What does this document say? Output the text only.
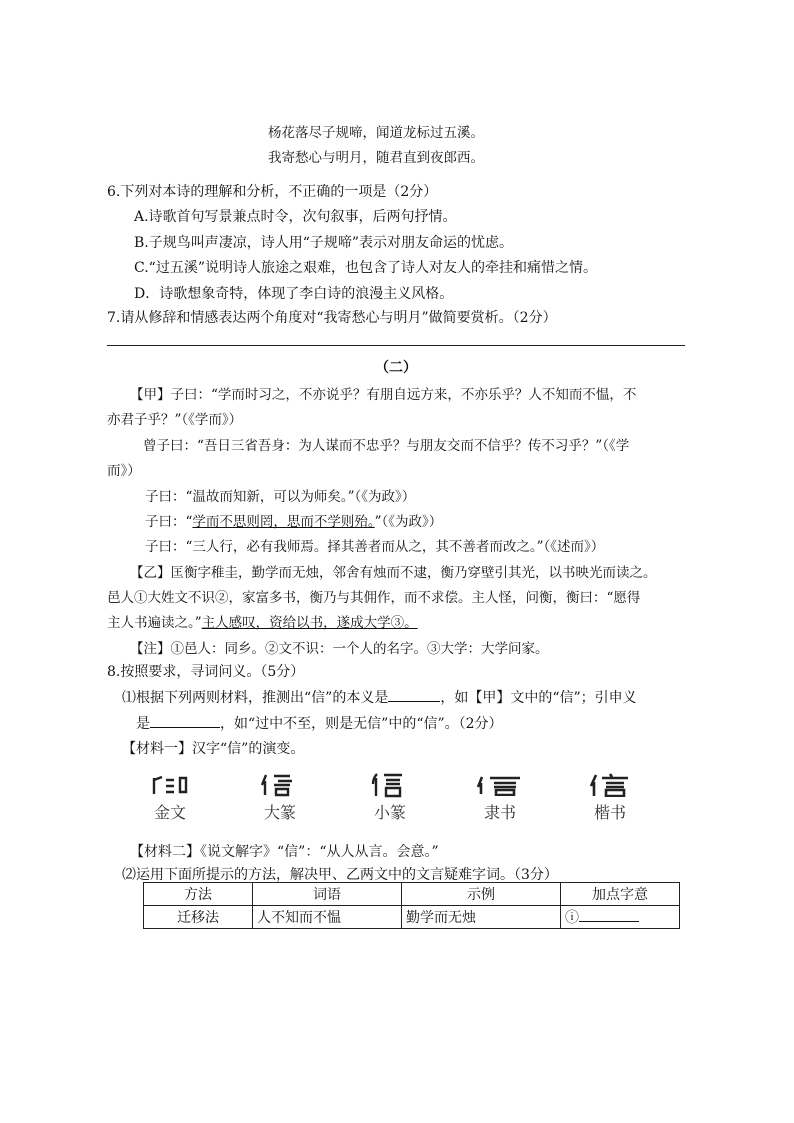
杨花落尽子规啼，闻道龙标过五溪。
我寄愁心与明月，随君直到夜郎西。
6.下列对本诗的理解和分析，不正确的一项是（2分）
A.诗歌首句写景兼点时令，次句叙事，后两句抒情。
B.子规鸟叫声凄凉，诗人用“子规啼”表示对朋友命运的忧虑。
C.“过五溪”说明诗人旅途之艰难，也包含了诗人对友人的牵挂和痛惜之情。
D．诗歌想象奇特，体现了李白诗的浪漫主义风格。
7.请从修辞和情感表达两个角度对“我寄愁心与明月”做简要赏析。（2分）
（二）
【甲】子曰：“学而时习之，不亦说乎？有朋自远方来，不亦乐乎？人不知而不愠，不
亦君子乎？”（《学而》）
曾子曰：“吾日三省吾身：为人谋而不忠乎？与朋友交而不信乎？传不习乎？”（《学
而》）
子曰：“温故而知新，可以为师矣。”（《为政》）
子曰：“学而不思则罔，思而不学则殆。”（《为政》）
子曰：“三人行，必有我师焉。择其善者而从之，其不善者而改之。”（《述而》）
【乙】匡衡字稚圭，勤学而无烛，邻舍有烛而不逮，衡乃穿壁引其光，以书映光而读之。
邑人①大姓文不识②，家富多书，衡乃与其佣作，而不求偿。主人怪，问衡，衡曰：“愿得
主人书遍读之。”主人感叹，资给以书，遂成大学③。
【注】①邑人：同乡。②文不识：一个人的名字。③大学：大学问家。
8.按照要求，寻词问义。（5分）
⑴根据下列两则材料，推测出“信”的本义是	，如【甲】文中的“信”；引申义
是	，如“过中不至，则是无信”中的“信”。（2分）
【材料一】汉字“信”的演变。
金文	大篆	小篆	隶书	楷书
【材料二】《说文解字》“信”：“从人从言。会意。”
⑵运用下面所提示的方法，解决甲、乙两文中的文言疑难字词。（3分）
方法	词语	示例	加点字意
迁移法	人不知而不愠	勤学而无烛	ⓘ
